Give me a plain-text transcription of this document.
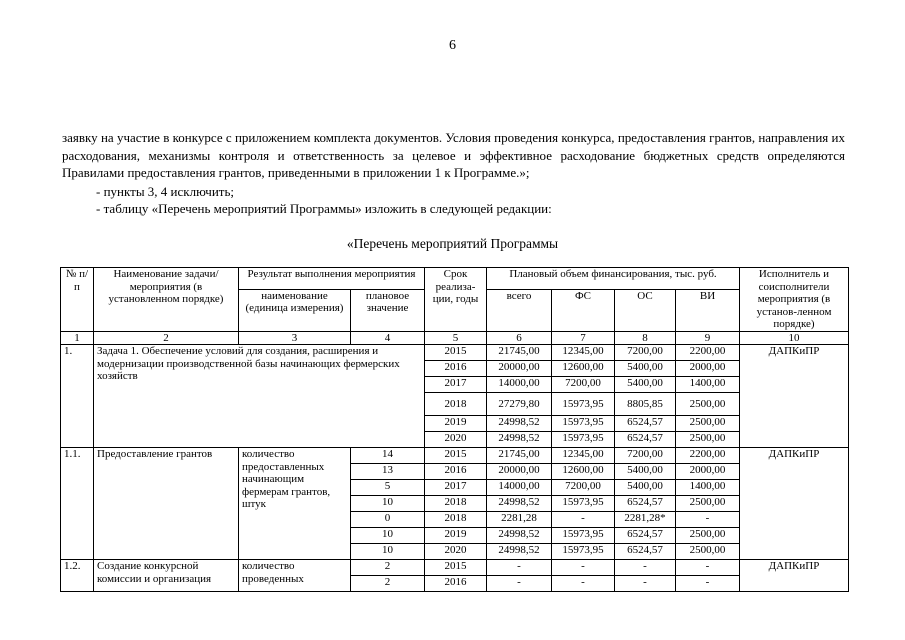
6
заявку на участие в конкурсе с приложением комплекта документов. Условия проведения конкурса, предоставления грантов, направления их расходования, механизмы контроля и ответственность за целевое и эффективное расходование бюджетных средств определяются Правилами предоставления грантов, приведенными в приложении 1 к Программе.»;
- пункты 3, 4 исключить;
- таблицу «Перечень мероприятий Программы» изложить в следующей редакции:
«Перечень мероприятий Программы
№ п/п	Наименование задачи/мероприятия (в установленном порядке)	Результат выполнения мероприятия		Срок реализа-ции, годы	Плановый объем финансирования, тыс. руб.				Исполнитель и соисполнители мероприятия (в установ-ленном порядке)
		наименование (единица измерения)	плановое значение		всего	ФС	ОС	ВИ	
1	2	3	4	5	6	7	8	9	10
1.	Задача 1. Обеспечение условий для создания, расширения и модернизации производственной базы начинающих фермерских хозяйств			2015	21745,00	12345,00	7200,00	2200,00	ДАПКиПР
				2016	20000,00	12600,00	5400,00	2000,00	
				2017	14000,00	7200,00	5400,00	1400,00	
				2018	27279,80	15973,95	8805,85	2500,00	
				2019	24998,52	15973,95	6524,57	2500,00	
				2020	24998,52	15973,95	6524,57	2500,00	
1.1.	Предоставление грантов	количество предоставленных начинающим фермерам грантов, штук	14	2015	21745,00	12345,00	7200,00	2200,00	ДАПКиПР
			13	2016	20000,00	12600,00	5400,00	2000,00	
			5	2017	14000,00	7200,00	5400,00	1400,00	
			10	2018	24998,52	15973,95	6524,57	2500,00	
			0	2018	2281,28	-	2281,28*	-	
			10	2019	24998,52	15973,95	6524,57	2500,00	
			10	2020	24998,52	15973,95	6524,57	2500,00	
1.2.	Создание конкурсной комиссии и организация	количество проведенных	2	2015	-	-	-	-	ДАПКиПР
			2	2016	-	-	-	-	
